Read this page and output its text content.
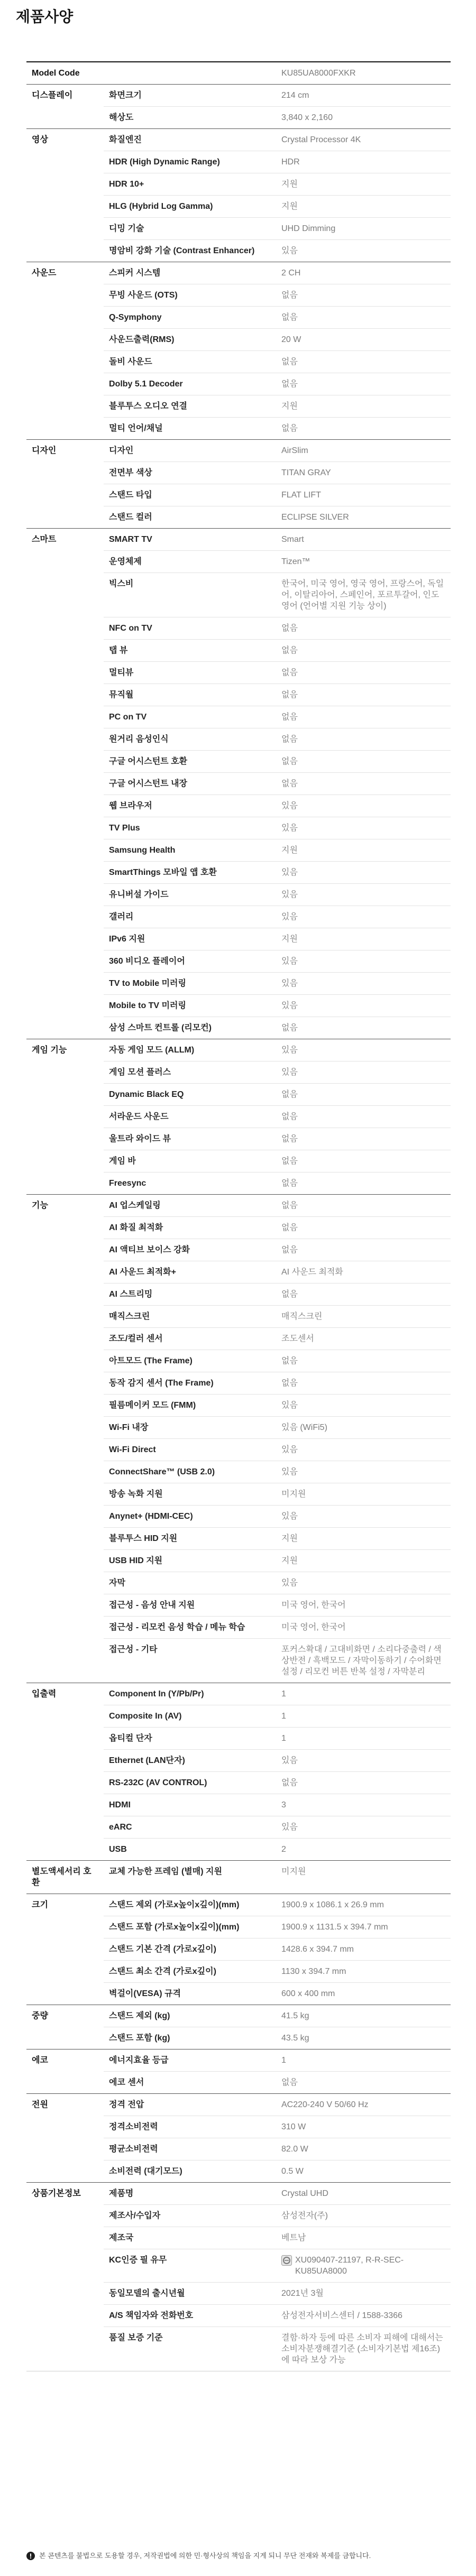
제품사양
Model Code		KU85UA8000FXKR
디스플레이	화면크기	214 cm
	해상도	3,840 x 2,160
영상	화질엔진	Crystal Processor 4K
	HDR (High Dynamic Range)	HDR
	HDR 10+	지원
	HLG (Hybrid Log Gamma)	지원
	디밍 기술	UHD Dimming
	명암비 강화 기술 (Contrast Enhancer)	있음
사운드	스피커 시스템	2 CH
	무빙 사운드 (OTS)	없음
	Q-Symphony	없음
	사운드출력(RMS)	20 W
	돌비 사운드	없음
	Dolby 5.1 Decoder	없음
	블루투스 오디오 연결	지원
	멀티 언어/채널	없음
디자인	디자인	AirSlim
	전면부 색상	TITAN GRAY
	스탠드 타입	FLAT LIFT
	스탠드 컬러	ECLIPSE SILVER
스마트	SMART TV	Smart
	운영체제	Tizen™
	빅스비	한국어, 미국 영어, 영국 영어, 프랑스어, 독일어, 이탈리아어, 스페인어, 포르투갈어, 인도 영어 (언어별 지원 기능 상이)
	NFC on TV	없음
	탭 뷰	없음
	멀티뷰	없음
	뮤직월	없음
	PC on TV	없음
	원거리 음성인식	없음
	구글 어시스턴트 호환	없음
	구글 어시스턴트 내장	없음
	웹 브라우저	있음
	TV Plus	있음
	Samsung Health	지원
	SmartThings 모바일 앱 호환	있음
	유니버설 가이드	있음
	갤러리	있음
	IPv6 지원	지원
	360 비디오 플레이어	있음
	TV to Mobile 미러링	있음
	Mobile to TV 미러링	있음
	삼성 스마트 컨트롤 (리모컨)	없음
게임 기능	자동 게임 모드 (ALLM)	있음
	게임 모션 플러스	있음
	Dynamic Black EQ	없음
	서라운드 사운드	없음
	울트라 와이드 뷰	없음
	게임 바	없음
	Freesync	없음
기능	AI 업스케일링	없음
	AI 화질 최적화	없음
	AI 액티브 보이스 강화	없음
	AI 사운드 최적화+	AI 사운드 최적화
	AI 스트리밍	없음
	매직스크린	매직스크린
	조도/컬러 센서	조도센서
	아트모드 (The Frame)	없음
	동작 감지 센서 (The Frame)	없음
	필름메이커 모드 (FMM)	있음
	Wi-Fi 내장	있음 (WiFi5)
	Wi-Fi Direct	있음
	ConnectShare™ (USB 2.0)	있음
	방송 녹화 지원	미지원
	Anynet+ (HDMI-CEC)	있음
	블루투스 HID 지원	지원
	USB HID 지원	지원
	자막	있음
	접근성 - 음성 안내 지원	미국 영어, 한국어
	접근성 - 리모컨 음성 학습 / 메뉴 학습	미국 영어, 한국어
	접근성 - 기타	포커스확대 / 고대비화면 / 소리다중출력 / 색상반전 / 흑백모드 / 자막이동하기 / 수어화면 설정 / 리모컨 버튼 반복 설정 / 자막분리
입출력	Component In (Y/Pb/Pr)	1
	Composite In (AV)	1
	옵티컬 단자	1
	Ethernet (LAN단자)	있음
	RS-232C (AV CONTROL)	없음
	HDMI	3
	eARC	있음
	USB	2
별도액세서리 호환	교체 가능한 프레임 (별매) 지원	미지원
크기	스탠드 제외 (가로x높이x깊이)(mm)	1900.9 x 1086.1 x 26.9 mm
	스탠드 포함 (가로x높이x깊이)(mm)	1900.9 x 1131.5 x 394.7 mm
	스탠드 기본 간격 (가로x깊이)	1428.6 x 394.7 mm
	스탠드 최소 간격 (가로x깊이)	1130 x 394.7 mm
	벽걸이(VESA) 규격	600 x 400 mm
중량	스탠드 제외 (kg)	41.5 kg
	스탠드 포함 (kg)	43.5 kg
에코	에너지효율 등급	1
	에코 센서	없음
전원	정격 전압	AC220-240 V 50/60 Hz
	정격소비전력	310 W
	평균소비전력	82.0 W
	소비전력 (대기모드)	0.5 W
상품기본정보	제품명	Crystal UHD
	제조사/수입자	삼성전자(주)
	제조국	베트남
	KC인증 필 유무	XU090407-21197, R-R-SEC-KU85UA8000

	동일모델의 출시년월	2021년 3월
	A/S 책임자와 전화번호	삼성전자서비스센터 / 1588-3366
	품질 보증 기준	결함·하자 등에 따른 소비자 피해에 대해서는 소비자분쟁해결기준 (소비자기본법 제16조)에 따라 보상 가능
본 콘텐츠를 불법으로 도용할 경우, 저작권법에 의한 민·형사상의 책임을 지게 되니 무단 전재와 복제를 금합니다.
